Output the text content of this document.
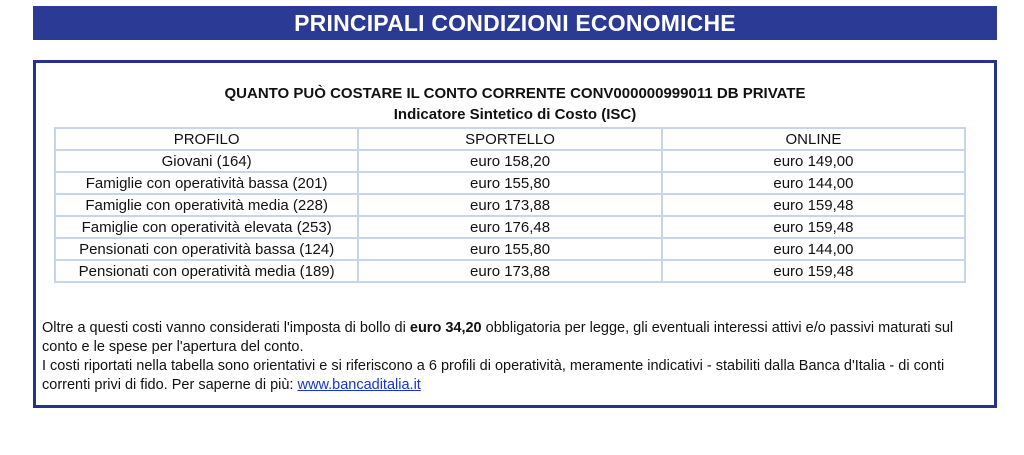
PRINCIPALI CONDIZIONI ECONOMICHE
QUANTO PUÒ COSTARE IL CONTO CORRENTE CONV000000999011 DB PRIVATE
Indicatore Sintetico di Costo (ISC)
PROFILO	SPORTELLO	ONLINE
Giovani (164)	euro 158,20	euro 149,00
Famiglie con operatività bassa (201)	euro 155,80	euro 144,00
Famiglie con operatività media (228)	euro 173,88	euro 159,48
Famiglie con operatività elevata (253)	euro 176,48	euro 159,48
Pensionati con operatività bassa (124)	euro 155,80	euro 144,00
Pensionati con operatività media (189)	euro 173,88	euro 159,48

Oltre a questi costi vanno considerati l'imposta di bollo di euro 34,20 obbligatoria per legge, gli eventuali interessi attivi e/o passivi maturati sul conto e le spese per l'apertura del conto.

I costi riportati nella tabella sono orientativi e si riferiscono a 6 profili di operatività, meramente indicativi - stabiliti dalla Banca d'Italia - di conti correnti privi di fido. Per saperne di più: www.bancaditalia.it
